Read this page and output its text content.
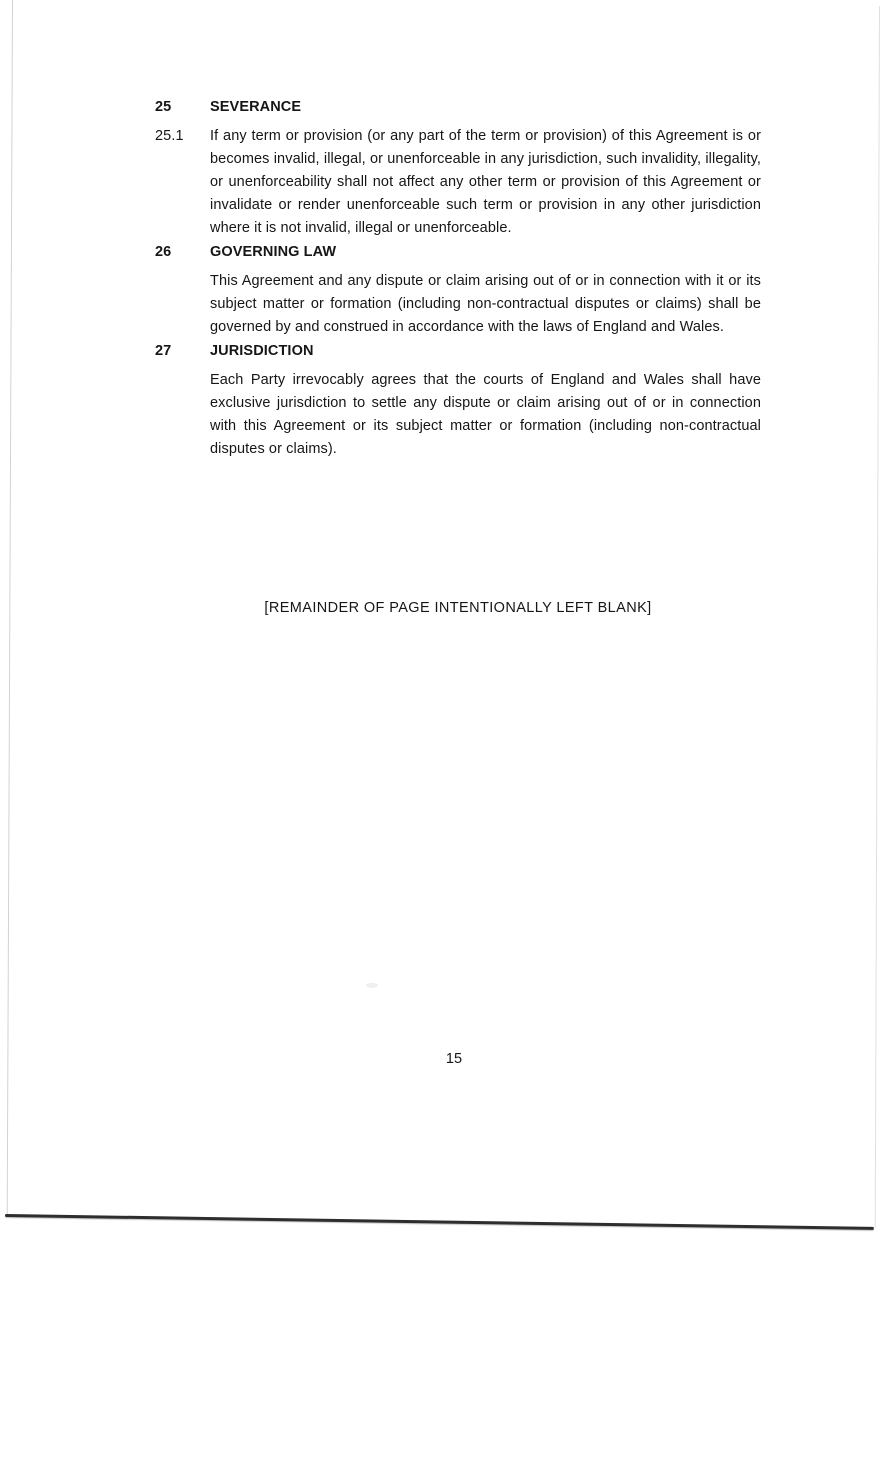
25	SEVERANCE
25.1	If any term or provision (or any part of the term or provision) of this Agreement is or becomes invalid, illegal, or unenforceable in any jurisdiction, such invalidity, illegality, or unenforceability shall not affect any other term or provision of this Agreement or invalidate or render unenforceable such term or provision in any other jurisdiction where it is not invalid, illegal or unenforceable.
26	GOVERNING LAW
This Agreement and any dispute or claim arising out of or in connection with it or its subject matter or formation (including non-contractual disputes or claims) shall be governed by and construed in accordance with the laws of England and Wales.
27	JURISDICTION
Each Party irrevocably agrees that the courts of England and Wales shall have exclusive jurisdiction to settle any dispute or claim arising out of or in connection with this Agreement or its subject matter or formation (including non-contractual disputes or claims).
[REMAINDER OF PAGE INTENTIONALLY LEFT BLANK]
15
